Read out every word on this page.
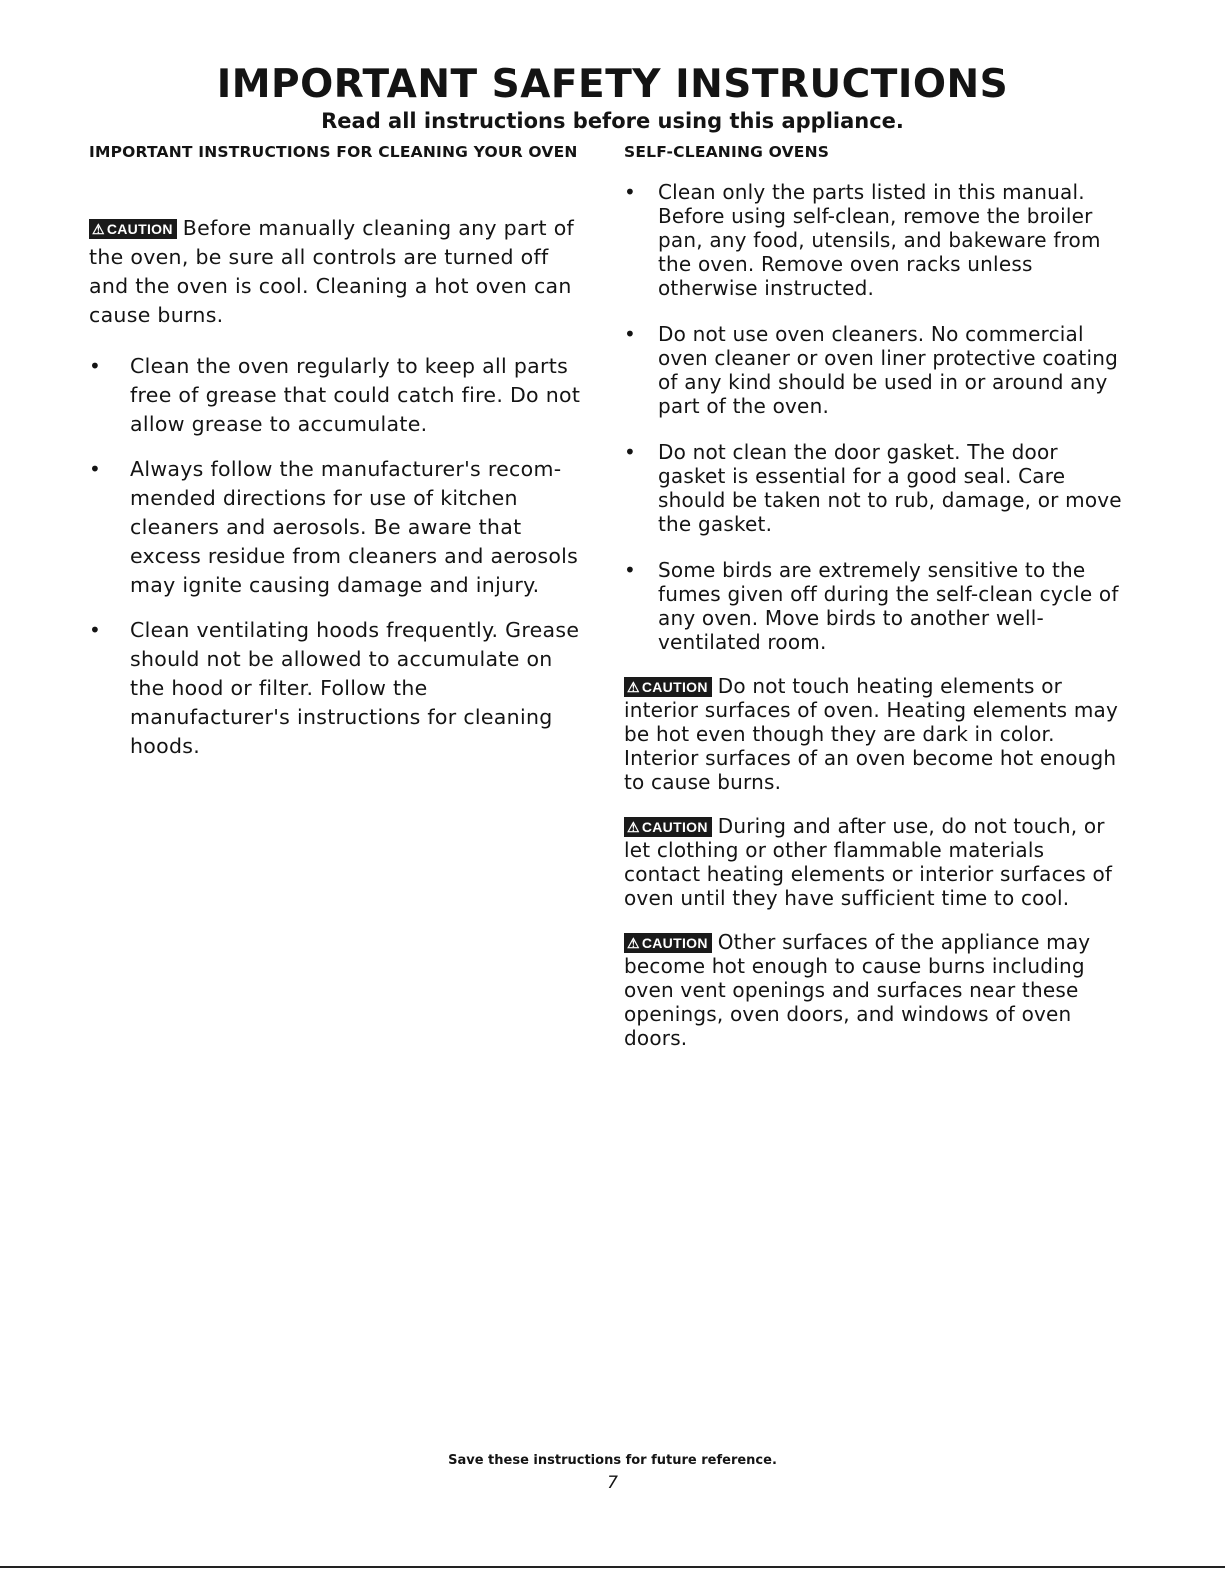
IMPORTANT SAFETY INSTRUCTIONS
Read all instructions before using this appliance.
IMPORTANT INSTRUCTIONS FOR CLEANING YOUR OVEN

⚠ CAUTION Before manually cleaning any part of the oven, be sure all controls are turned off and the oven is cool. Cleaning a hot oven can cause burns.

• Clean the oven regularly to keep all parts free of grease that could catch fire. Do not allow grease to accumulate.
• Always follow the manufacturer's recommended directions for use of kitchen cleaners and aerosols. Be aware that excess residue from cleaners and aerosols may ignite causing damage and injury.
• Clean ventilating hoods frequently. Grease should not be allowed to accumulate on the hood or filter. Follow the manufacturer's instructions for cleaning hoods.
SELF-CLEANING OVENS
• Clean only the parts listed in this manual. Before using self-clean, remove the broiler pan, any food, utensils, and bakeware from the oven. Remove oven racks unless otherwise instructed.
• Do not use oven cleaners. No commercial oven cleaner or oven liner protective coating of any kind should be used in or around any part of the oven.
• Do not clean the door gasket. The door gasket is essential for a good seal. Care should be taken not to rub, damage, or move the gasket.
• Some birds are extremely sensitive to the fumes given off during the self-clean cycle of any oven. Move birds to another well-ventilated room.

⚠ CAUTION Do not touch heating elements or interior surfaces of oven. Heating elements may be hot even though they are dark in color. Interior surfaces of an oven become hot enough to cause burns.

⚠ CAUTION During and after use, do not touch, or let clothing or other flammable materials contact heating elements or interior surfaces of oven until they have sufficient time to cool.

⚠ CAUTION Other surfaces of the appliance may become hot enough to cause burns including oven vent openings and surfaces near these openings, oven doors, and windows of oven doors.

Save these instructions for future reference.
7
